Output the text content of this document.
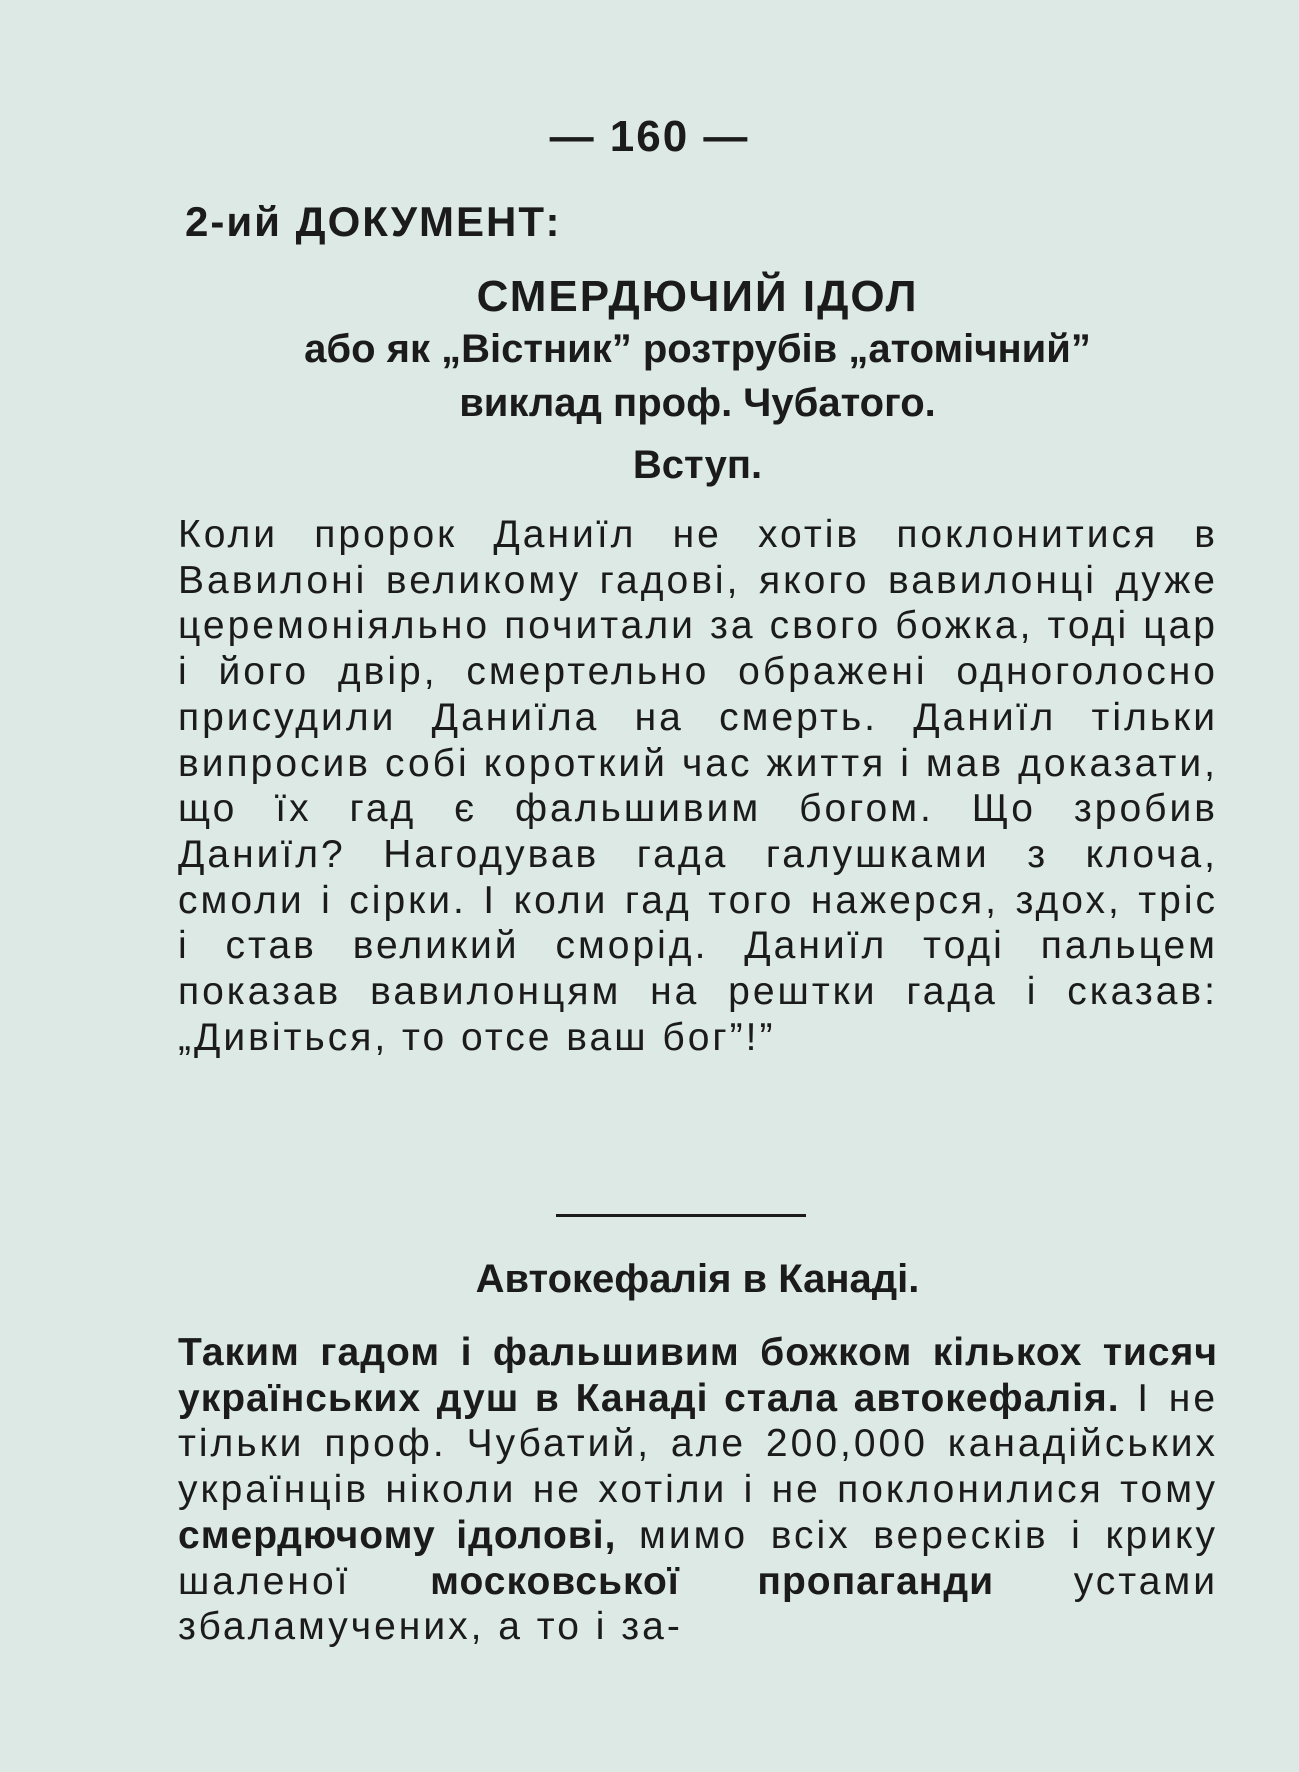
— 160 —
2-ий ДОКУМЕНТ:
СМЕРДЮЧИЙ ІДОЛ
або як „Вістник” розтрубів „атомічний”
виклад проф. Чубатого.
Вступ.

Коли пророк Даниїл не хотів поклонитися в Вавилоні великому гадові, якого вавилонці дуже церемоніяльно почитали за свого божка, тоді цар і його двір, смертельно ображені одноголосно присудили Даниїла на смерть. Даниїл тільки випросив собі короткий час життя і мав доказати, що їх гад є фальшивим богом. Що зробив Даниїл? Нагодував гада галушками з клоча, смоли і сірки. І коли гад того нажерся, здох, тріс і став великий сморід. Даниїл тоді пальцем показав вавилонцям на рештки гада і сказав: „Дивіться, то отсе ваш бог”!”

Автокефалія в Канаді.

Таким гадом і фальшивим божком кількох тисяч українських душ в Канаді стала автокефалія. І не тільки проф. Чубатий, але 200,000 канадійських українців ніколи не хотіли і не поклонилися тому смердючому ідолові, мимо всіх вересків і крику шаленої московської пропаганди устами збаламучених, а то і за-
